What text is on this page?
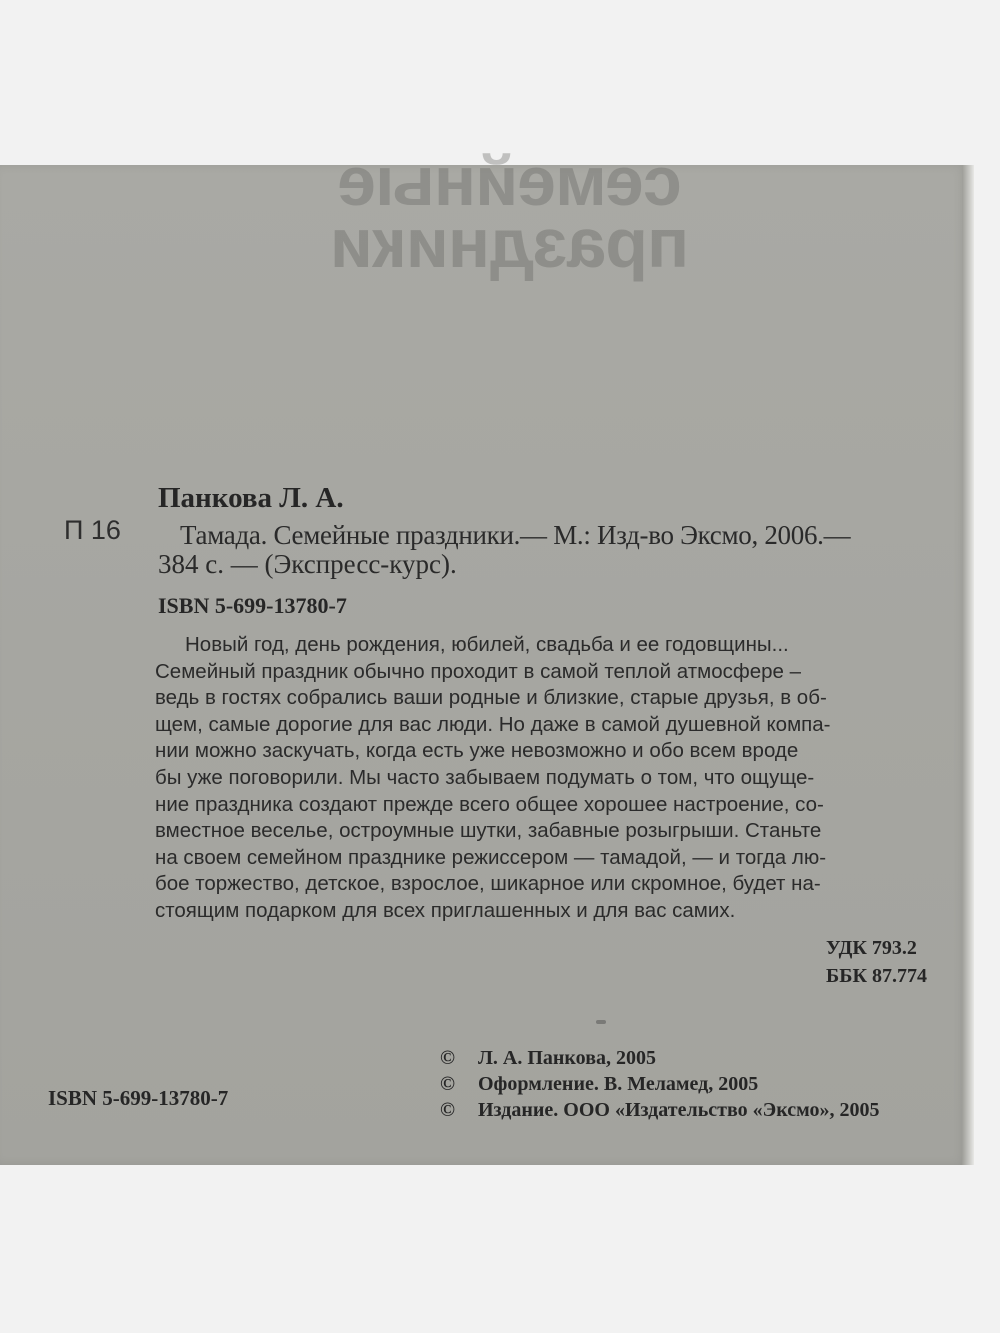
семейные
праздники

Панкова Л. А.

П 16 Тамада. Семейные праздники.— М.: Изд-во Эксмо, 2006.—

384 с. — (Экспресс-курс).

ISBN 5-699-13780-7

Новый год, день рождения, юбилей, свадьба и ее годовщины...
Семейный праздник обычно проходит в самой теплой атмосфере –
ведь в гостях собрались ваши родные и близкие, старые друзья, в об-
щем, самые дорогие для вас люди. Но даже в самой душевной компа-
нии можно заскучать, когда есть уже невозможно и обо всем вроде
бы уже поговорили. Мы часто забываем подумать о том, что ощуще-
ние праздника создают прежде всего общее хорошее настроение, со-
вместное веселье, остроумные шутки, забавные розыгрыши. Станьте
на своем семейном празднике режиссером — тамадой, — и тогда лю-
бое торжество, детское, взрослое, шикарное или скромное, будет на-
стоящим подарком для всех приглашенных и для вас самих.

УДК 793.2

ББК 87.774

© Л. А. Панкова, 2005
© Оформление. В. Меламед, 2005
© Издание. ООО «Издательство «Эксмо», 2005

ISBN 5-699-13780-7
